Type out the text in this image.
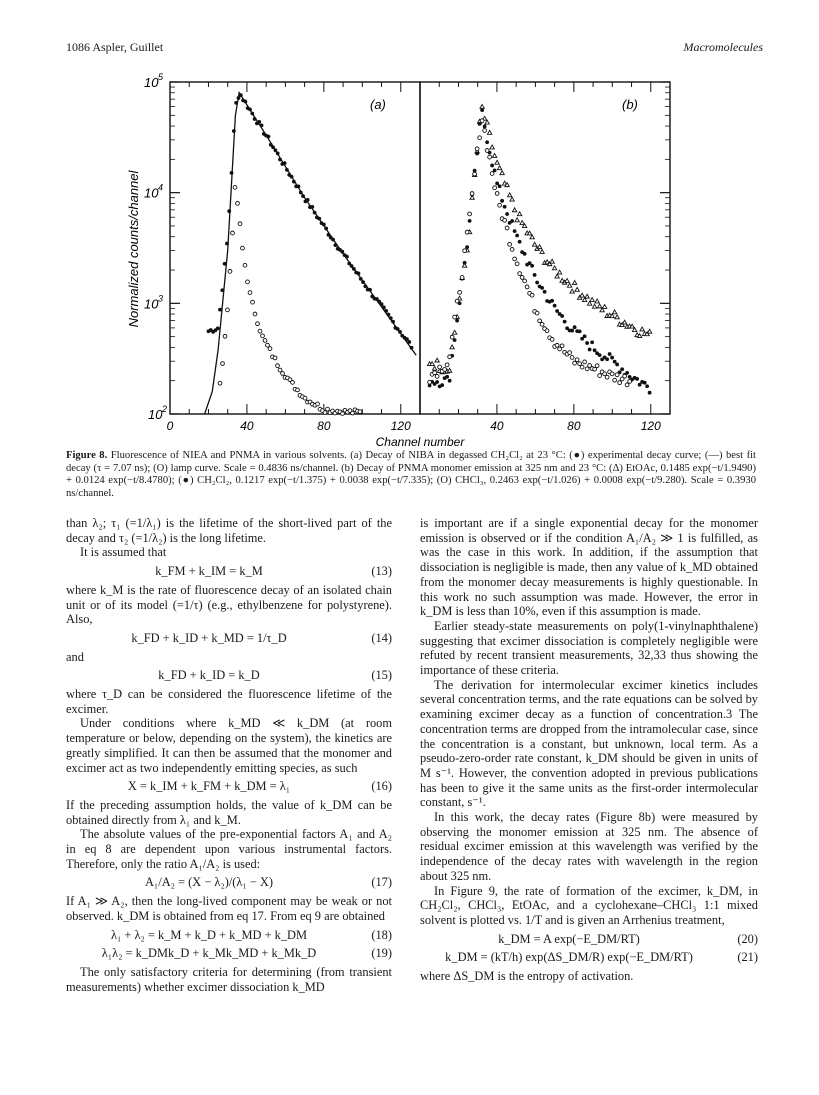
1086 Aspler, Guillet	Macromolecules
(a)	(b)
Normalized counts/channel
Channel number
10 2
10 3
10 4
10 5
0	40	80	120	40	80	120
Figure 8. Fluorescence of NIEA and PNMA in various solvents. (a) Decay of NIBA in degassed CH₂Cl₂ at 23 °C: (●) experimental decay curve; (—) best fit decay (τ = 7.07 ns); (O) lamp curve. Scale = 0.4836 ns/channel. (b) Decay of PNMA monomer emission at 325 nm and 23 °C: (Δ) EtOAc, 0.1485 exp(−t/1.9490) + 0.0124 exp(−t/8.4780); (●) CH₂Cl₂, 0.1217 exp(−t/1.375) + 0.0038 exp(−t/7.335); (O) CHCl₃, 0.2463 exp(−t/1.026) + 0.0008 exp(−t/9.280). Scale = 0.3930 ns/channel.

than λ₂; τ₁ (=1/λ₁) is the lifetime of the short-lived part of the decay and τ₂ (=1/λ₂) is the long lifetime.

It is assumed that

k_FM + k_IM = k_M	(13)

where k_M is the rate of fluorescence decay of an isolated chain unit or of its model (=1/τ) (e.g., ethylbenzene for polystyrene). Also,

k_FD + k_ID + k_MD = 1/τ_D	(14)

and

k_FD + k_ID = k_D	(15)

where τ_D can be considered the fluorescence lifetime of the excimer.

Under conditions where k_MD ≪ k_DM (at room temperature or below, depending on the system), the kinetics are greatly simplified. It can then be assumed that the monomer and excimer act as two independently emitting species, as such

X = k_IM + k_FM + k_DM = λ₁	(16)

If the preceding assumption holds, the value of k_DM can be obtained directly from λ₁ and k_M.

The absolute values of the pre-exponential factors A₁ and A₂ in eq 8 are dependent upon various instrumental factors. Therefore, only the ratio A₁/A₂ is used:

A₁/A₂ = (X − λ₂)/(λ₁ − X)	(17)

If A₁ ≫ A₂, then the long-lived component may be weak or not observed. k_DM is obtained from eq 17. From eq 9 are obtained

λ₁ + λ₂ = k_M + k_D + k_MD + k_DM	(18)
λ₁λ₂ = k_DMk_D + k_Mk_MD + k_Mk_D	(19)

The only satisfactory criteria for determining (from transient measurements) whether excimer dissociation k_MD

is important are if a single exponential decay for the monomer emission is observed or if the condition A₁/A₂ ≫ 1 is fulfilled, as was the case in this work. In addition, if the assumption that dissociation is negligible is made, then any value of k_MD obtained from the monomer decay measurements is highly questionable. In this work no such assumption was made. However, the error in k_DM is less than 10%, even if this assumption is made.

Earlier steady-state measurements on poly(1-vinylnaphthalene) suggesting that excimer dissociation is completely negligible were refuted by recent transient measurements, 32,33 thus showing the importance of these criteria.

The derivation for intermolecular excimer kinetics includes several concentration terms, and the rate equations can be solved by examining excimer decay as a function of concentration.3 The concentration terms are dropped from the intramolecular case, since the concentration is a constant, but unknown, local term. As a pseudo-zero-order rate constant, k_DM should be given in units of M s⁻¹. However, the convention adopted in previous publications has been to give it the same units as the first-order intermolecular constant, s⁻¹.

In this work, the decay rates (Figure 8b) were measured by observing the monomer emission at 325 nm. The absence of residual excimer emission at this wavelength was verified by the independence of the decay rates with wavelength in the region about 325 nm.

In Figure 9, the rate of formation of the excimer, k_DM, in CH₂Cl₂, CHCl₃, EtOAc, and a cyclohexane–CHCl₃ 1:1 mixed solvent is plotted vs. 1/T and is given an Arrhenius treatment,

k_DM = A exp(−E_DM/RT)	(20)
k_DM = (kT/h) exp(ΔS_DM/R) exp(−E_DM/RT)	(21)

where ΔS_DM is the entropy of activation.
